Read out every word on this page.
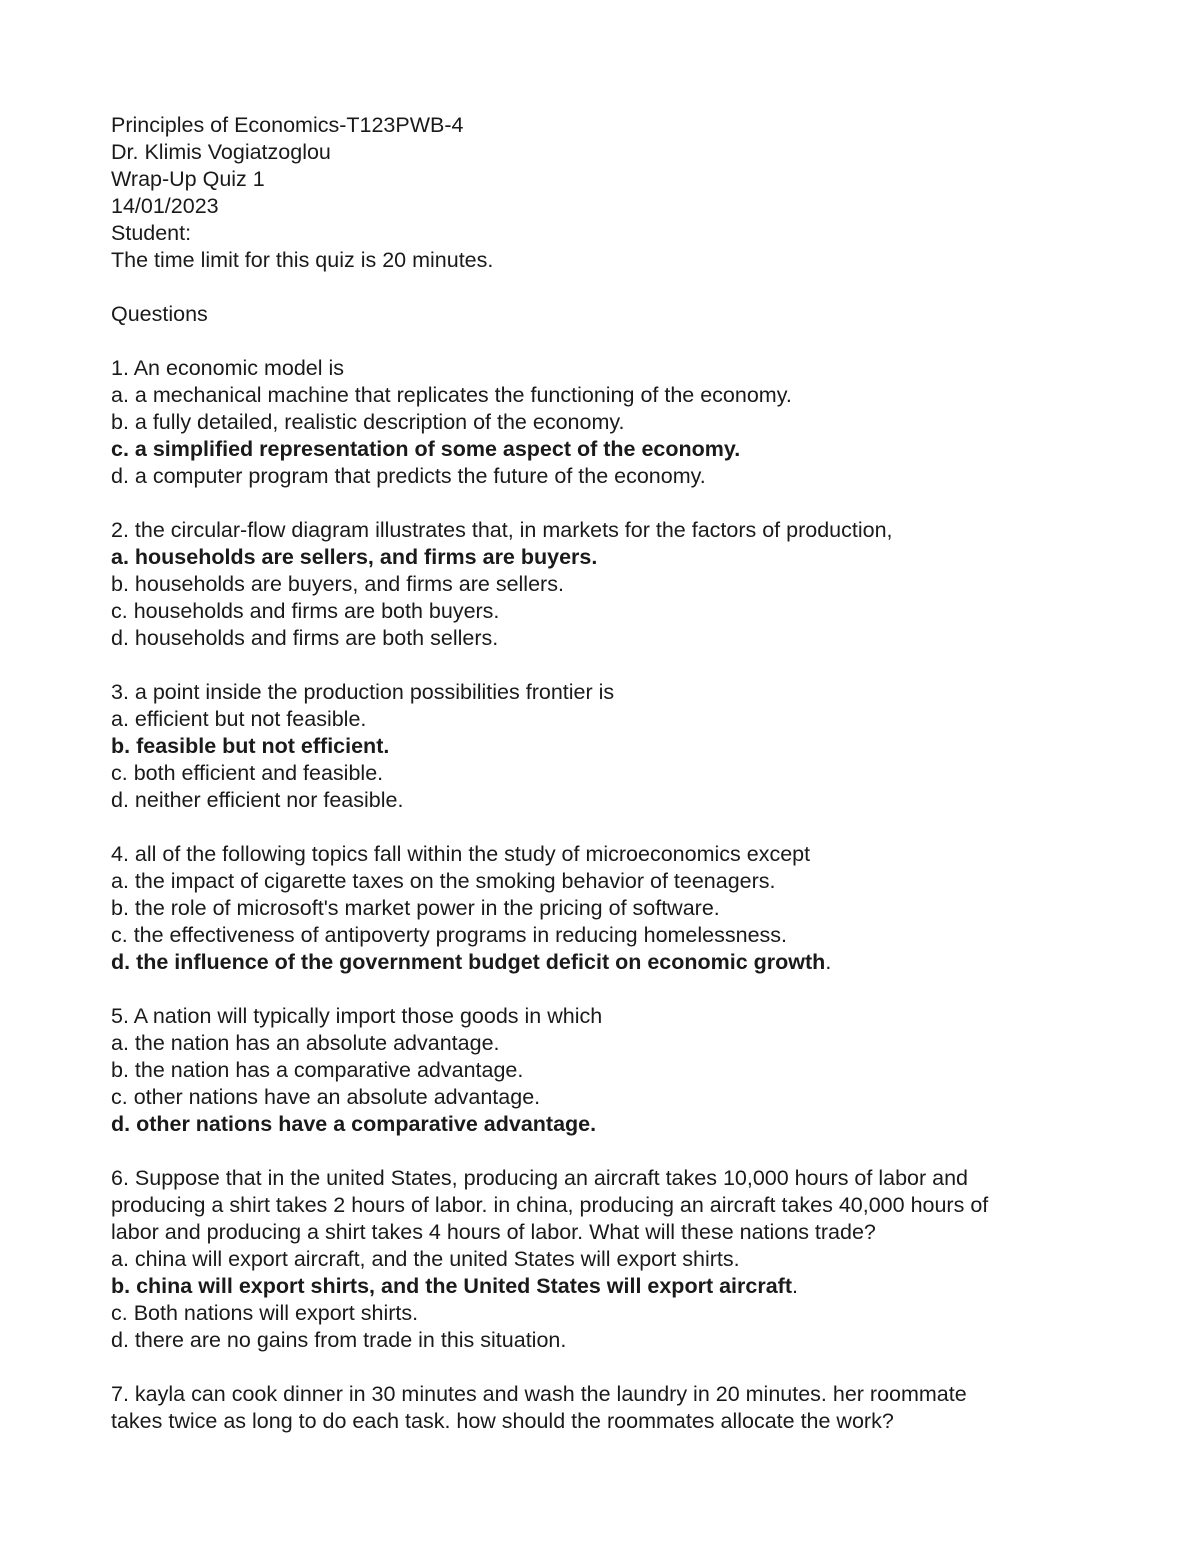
Principles of Economics-T123PWB-4
Dr. Klimis Vogiatzoglou
Wrap-Up Quiz 1
14/01/2023
Student:
The time limit for this quiz is 20 minutes.
Questions
1. An economic model is
a. a mechanical machine that replicates the functioning of the economy.
b. a fully detailed, realistic description of the economy.
c. a simplified representation of some aspect of the economy.
d. a computer program that predicts the future of the economy.
2. the circular-flow diagram illustrates that, in markets for the factors of production,
a. households are sellers, and firms are buyers.
b. households are buyers, and firms are sellers.
c. households and firms are both buyers.
d. households and firms are both sellers.
3. a point inside the production possibilities frontier is
a. efficient but not feasible.
b. feasible but not efficient.
c. both efficient and feasible.
d. neither efficient nor feasible.
4. all of the following topics fall within the study of microeconomics except
a. the impact of cigarette taxes on the smoking behavior of teenagers.
b. the role of microsoft's market power in the pricing of software.
c. the effectiveness of antipoverty programs in reducing homelessness.
d. the influence of the government budget deficit on economic growth.
5. A nation will typically import those goods in which
a. the nation has an absolute advantage.
b. the nation has a comparative advantage.
c. other nations have an absolute advantage.
d. other nations have a comparative advantage.
6. Suppose that in the united States, producing an aircraft takes 10,000 hours of labor and
producing a shirt takes 2 hours of labor. in china, producing an aircraft takes 40,000 hours of
labor and producing a shirt takes 4 hours of labor. What will these nations trade?
a. china will export aircraft, and the united States will export shirts.
b. china will export shirts, and the United States will export aircraft.
c. Both nations will export shirts.
d. there are no gains from trade in this situation.
7. kayla can cook dinner in 30 minutes and wash the laundry in 20 minutes. her roommate
takes twice as long to do each task. how should the roommates allocate the work?
